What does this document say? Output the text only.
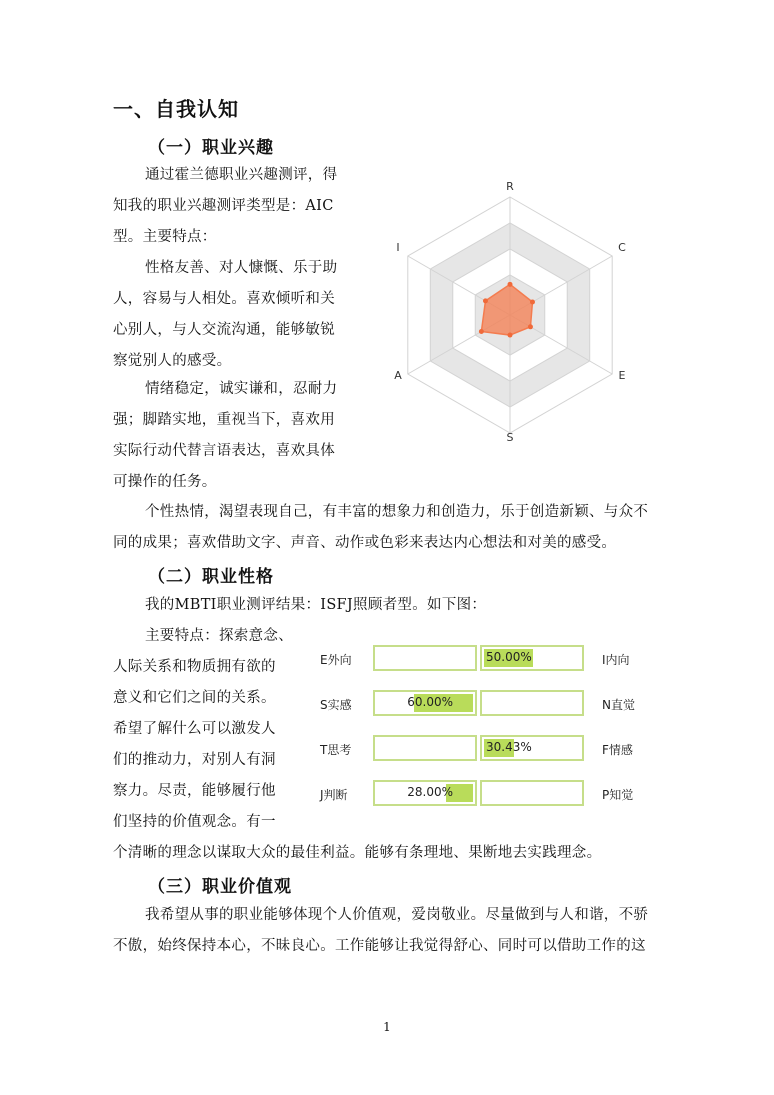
一、自我认知
（一）职业兴趣
通过霍兰德职业兴趣测评，得
知我的职业兴趣测评类型是：AIC
型。主要特点：
性格友善、对人慷慨、乐于助
人，容易与人相处。喜欢倾听和关
心别人，与人交流沟通，能够敏锐
察觉别人的感受。
情绪稳定，诚实谦和，忍耐力
强；脚踏实地，重视当下，喜欢用
实际行动代替言语表达，喜欢具体
可操作的任务。
个性热情，渴望表现自己，有丰富的想象力和创造力，乐于创造新颖、与众不
同的成果；喜欢借助文字、声音、动作或色彩来表达内心想法和对美的感受。
R
C
E
S
A
I
（二）职业性格
我的MBTI职业测评结果：ISFJ照顾者型。如下图：
主要特点：探索意念、
人际关系和物质拥有欲的
意义和它们之间的关系。
希望了解什么可以激发人
们的推动力，对别人有洞
察力。尽责，能够履行他
们坚持的价值观念。有一
个清晰的理念以谋取大众的最佳利益。能够有条理地、果断地去实践理念。
E外向	I内向
50.00%
S实感	N直觉
60.00%
T思考	F情感
30.43%
J判断	P知觉
28.00%
（三）职业价值观
我希望从事的职业能够体现个人价值观，爱岗敬业。尽量做到与人和谐，不骄
不傲，始终保持本心，不昧良心。工作能够让我觉得舒心、同时可以借助工作的这
1
